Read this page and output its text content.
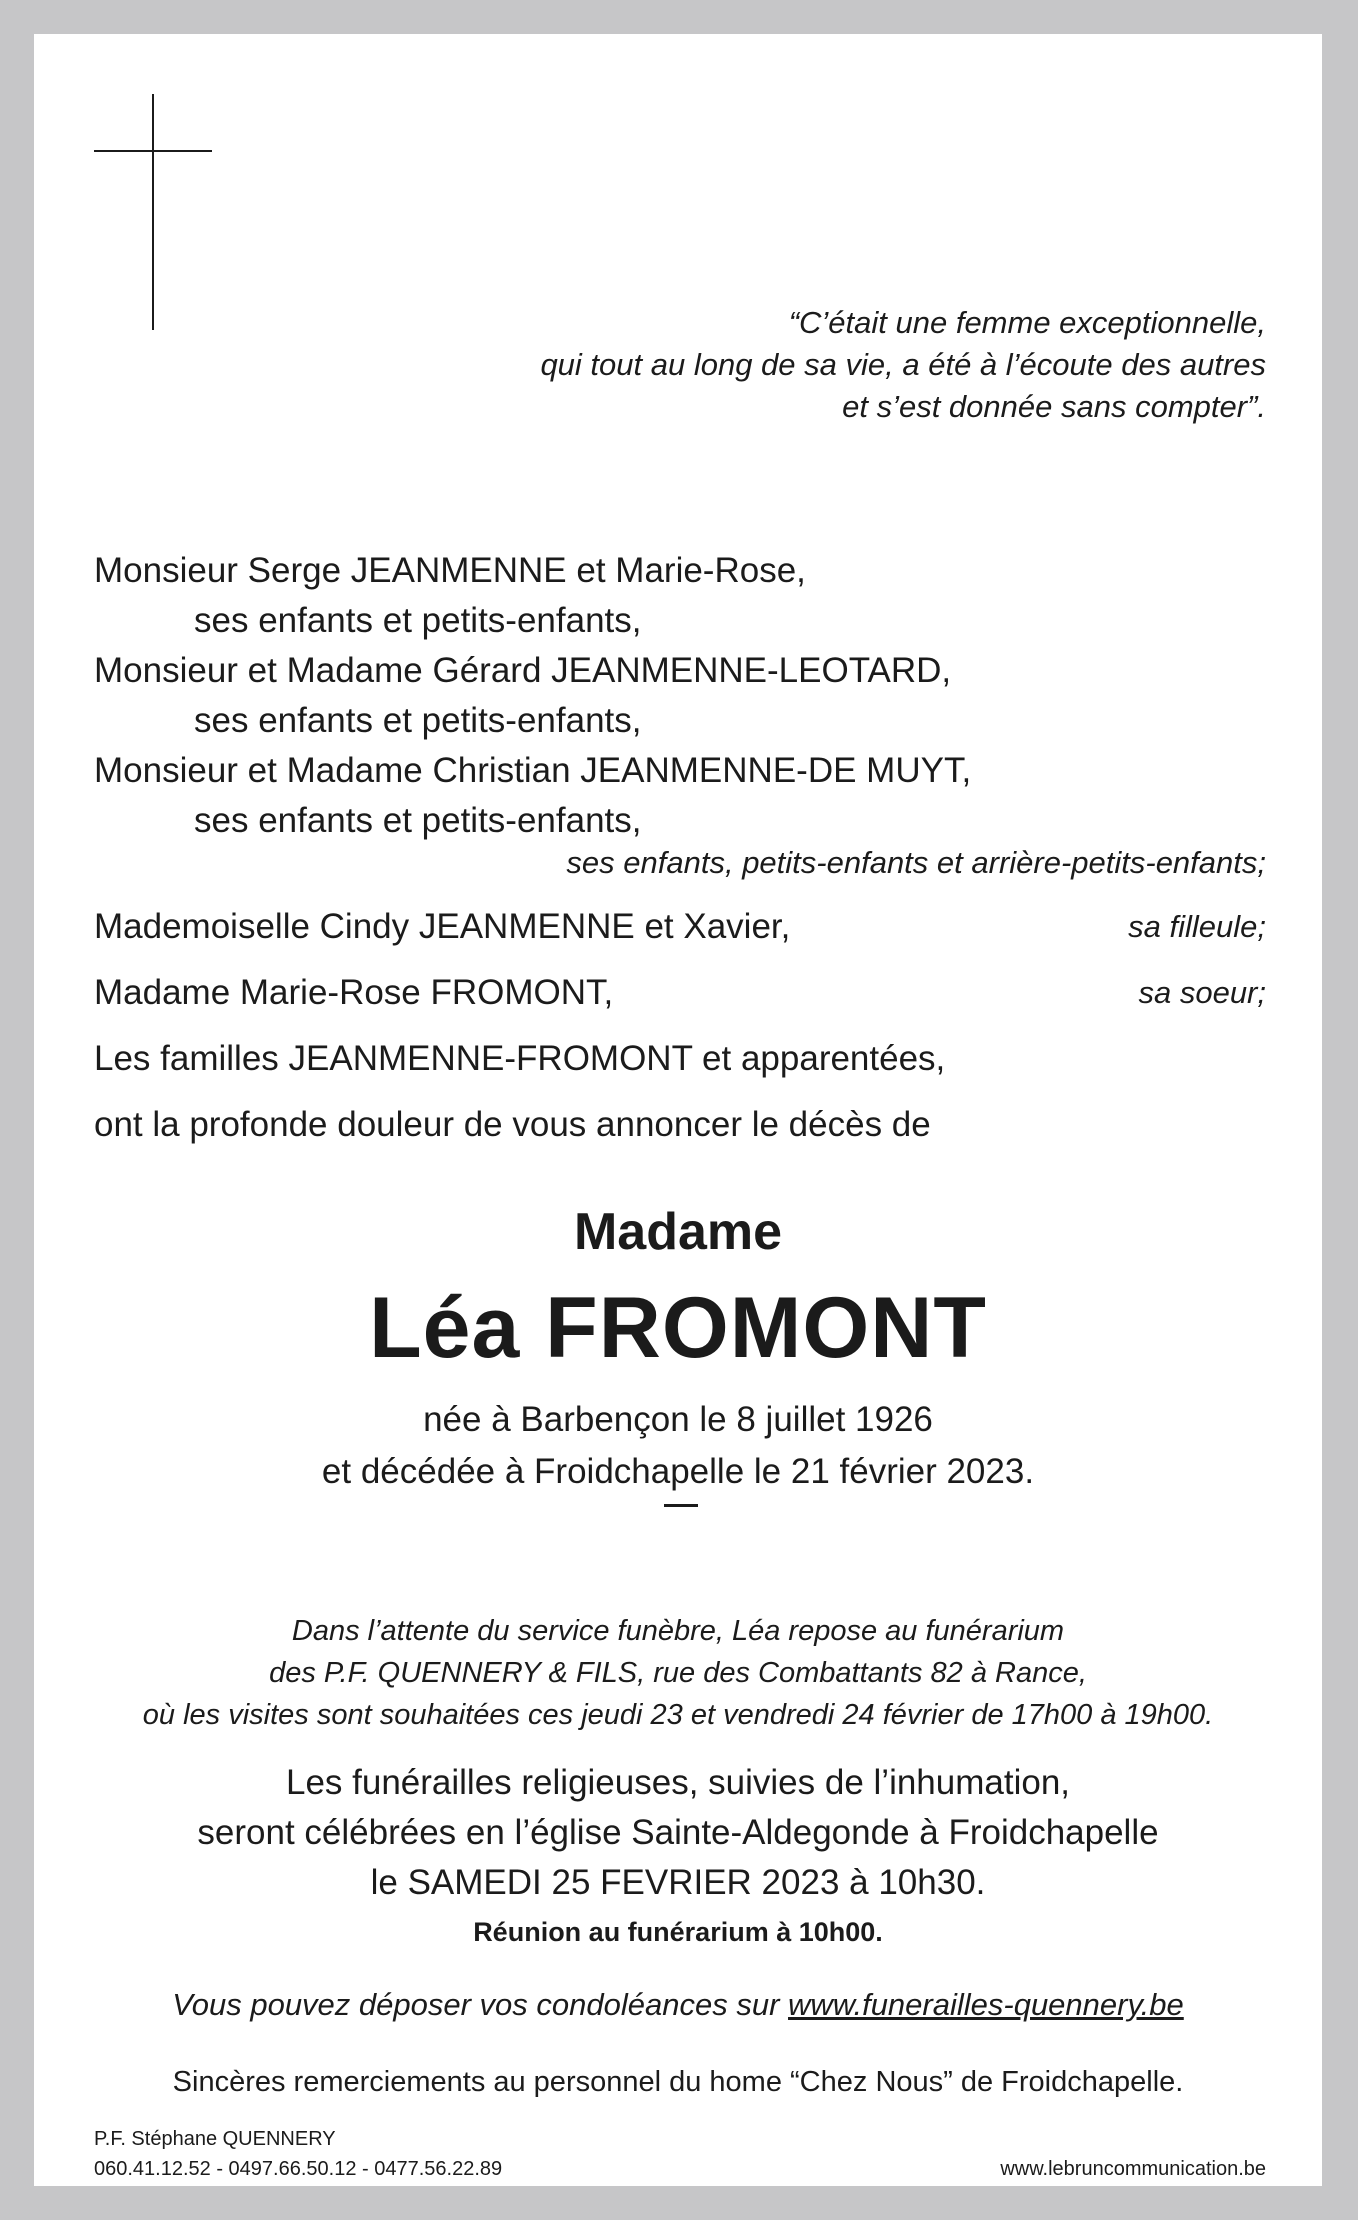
“C’était une femme exceptionnelle,
qui tout au long de sa vie, a été à l’écoute des autres
et s’est donnée sans compter”.
Monsieur Serge JEANMENNE et Marie-Rose,
ses enfants et petits-enfants,
Monsieur et Madame Gérard JEANMENNE-LEOTARD,
ses enfants et petits-enfants,
Monsieur et Madame Christian JEANMENNE-DE MUYT,
ses enfants et petits-enfants,
ses enfants, petits-enfants et arrière-petits-enfants;
Mademoiselle Cindy JEANMENNE et Xavier,	sa filleule;
Madame Marie-Rose FROMONT,	sa soeur;
Les familles JEANMENNE-FROMONT et apparentées,
ont la profonde douleur de vous annoncer le décès de
Madame
Léa FROMONT
née à Barbençon le 8 juillet 1926
et décédée à Froidchapelle le 21 février 2023.
Dans l’attente du service funèbre, Léa repose au funérarium
des P.F. QUENNERY & FILS, rue des Combattants 82 à Rance,
où les visites sont souhaitées ces jeudi 23 et vendredi 24 février de 17h00 à 19h00.
Les funérailles religieuses, suivies de l’inhumation,
seront célébrées en l’église Sainte-Aldegonde à Froidchapelle
le SAMEDI 25 FEVRIER 2023 à 10h30.
Réunion au funérarium à 10h00.
Vous pouvez déposer vos condoléances sur www.funerailles-quennery.be
Sincères remerciements au personnel du home “Chez Nous” de Froidchapelle.
P.F. Stéphane QUENNERY
060.41.12.52 - 0497.66.50.12 - 0477.56.22.89	www.lebruncommunication.be
